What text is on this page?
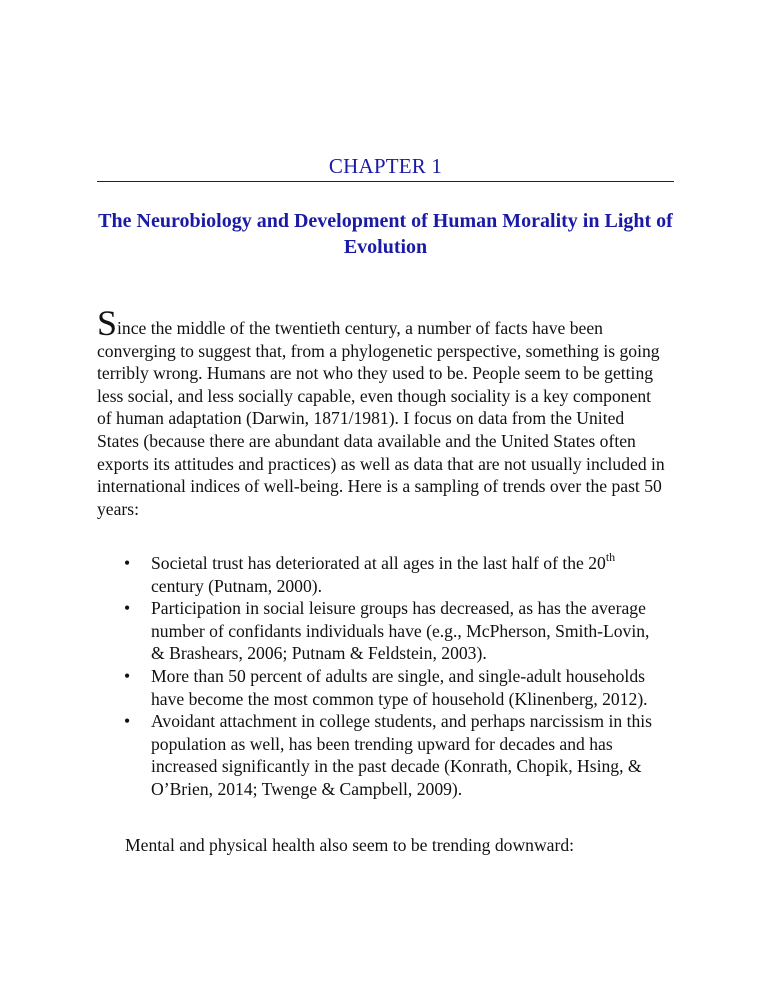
CHAPTER 1
The Neurobiology and Development of Human Morality in Light of Evolution

Since the middle of the twentieth century, a number of facts have been converging to suggest that, from a phylogenetic perspective, something is going terribly wrong. Humans are not who they used to be. People seem to be getting less social, and less socially capable, even though sociality is a key component of human adaptation (Darwin, 1871/1981). I focus on data from the United States (because there are abundant data available and the United States often exports its attitudes and practices) as well as data that are not usually included in international indices of well-being. Here is a sampling of trends over the past 50 years:

• Societal trust has deteriorated at all ages in the last half of the 20th century (Putnam, 2000).
• Participation in social leisure groups has decreased, as has the average number of confidants individuals have (e.g., McPherson, Smith-Lovin, & Brashears, 2006; Putnam & Feldstein, 2003).
• More than 50 percent of adults are single, and single-adult households have become the most common type of household (Klinenberg, 2012).
• Avoidant attachment in college students, and perhaps narcissism in this population as well, has been trending upward for decades and has increased significantly in the past decade (Konrath, Chopik, Hsing, & O’Brien, 2014; Twenge & Campbell, 2009).

Mental and physical health also seem to be trending downward:
